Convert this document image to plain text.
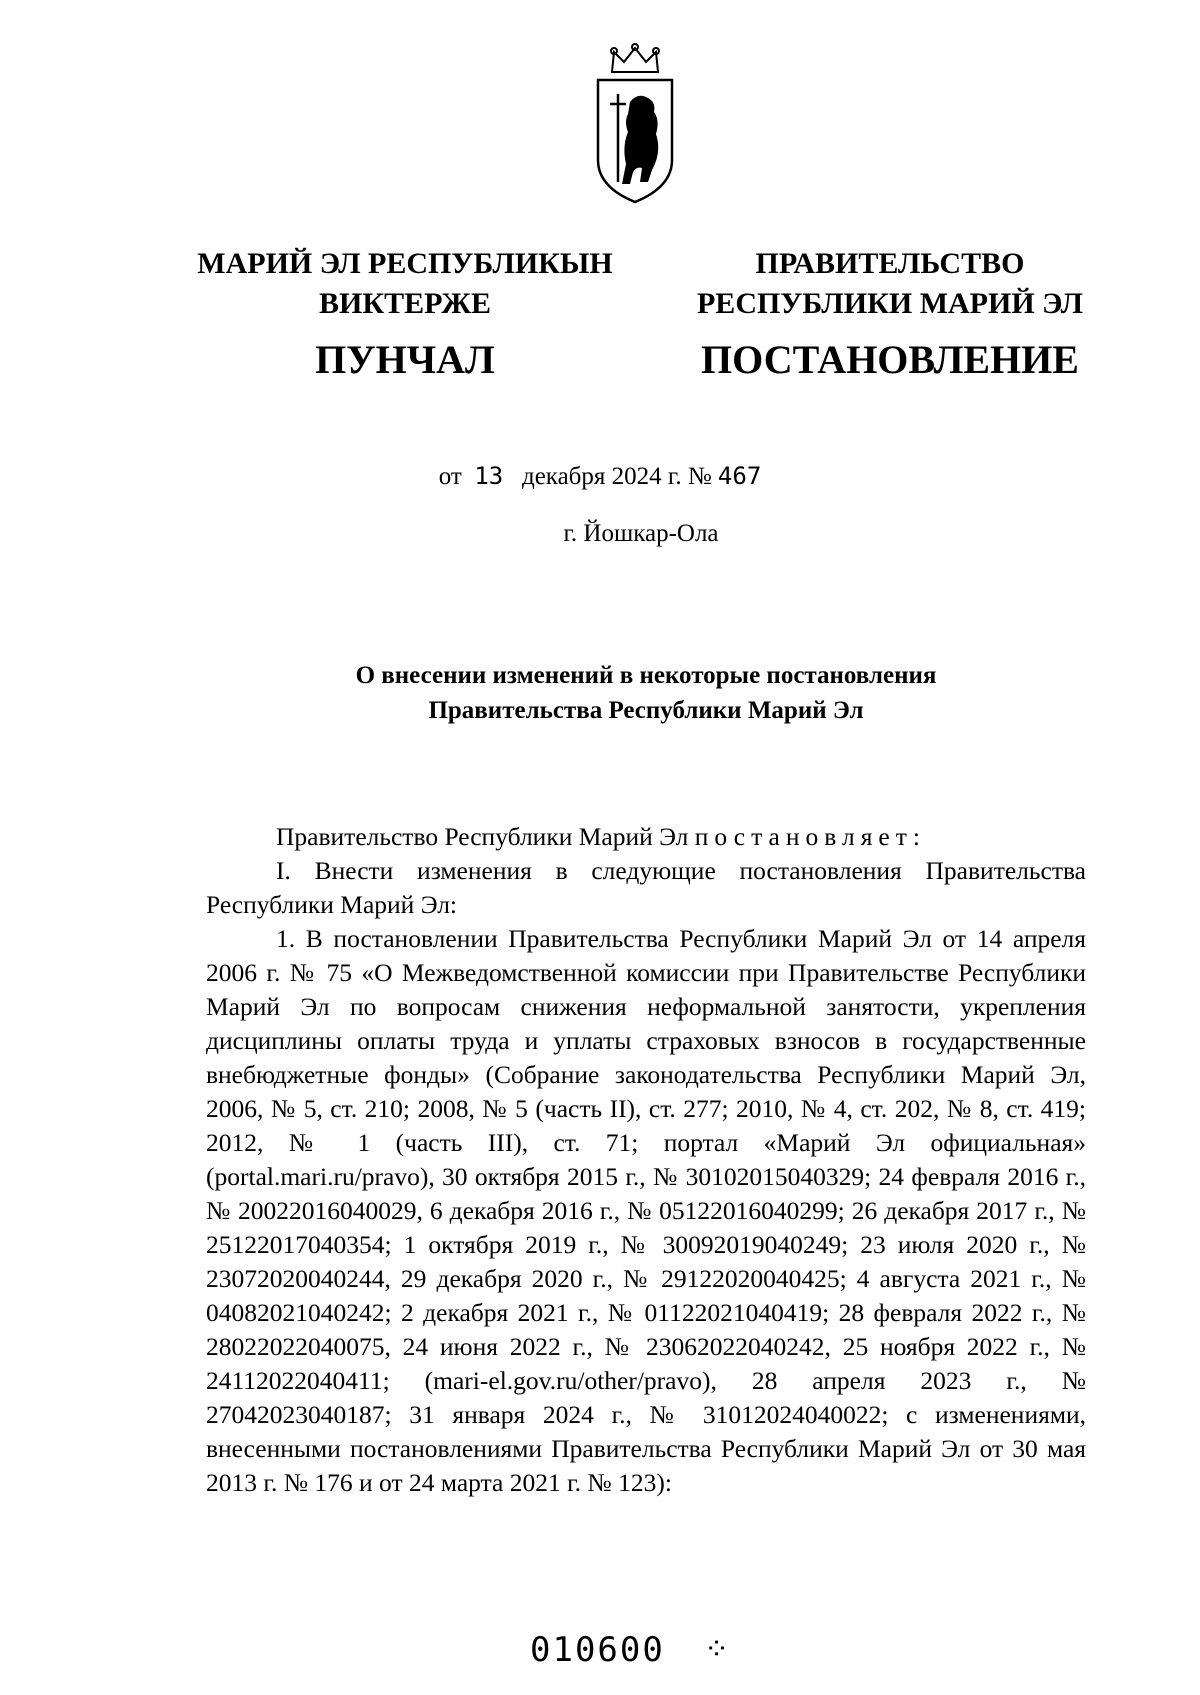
МАРИЙ ЭЛ РЕСПУБЛИКЫН
ВИКТЕРЖЕ
ПУНЧАЛ
ПРАВИТЕЛЬСТВО
РЕСПУБЛИКИ МАРИЙ ЭЛ
ПОСТАНОВЛЕНИЕ
от 13 декабря 2024 г. № 467
г. Йошкар-Ола
О внесении изменений в некоторые постановления
Правительства Республики Марий Эл

Правительство Республики Марий Эл постановляет:

I. Внести изменения в следующие постановления Правительства Республики Марий Эл:

1. В постановлении Правительства Республики Марий Эл от 14 апреля 2006 г. № 75 «О Межведомственной комиссии при Правительстве Республики Марий Эл по вопросам снижения неформальной занятости, укрепления дисциплины оплаты труда и уплаты страховых взносов в государственные внебюджетные фонды» (Собрание законодательства Республики Марий Эл, 2006, № 5, ст. 210; 2008, № 5 (часть II), ст. 277; 2010, № 4, ст. 202, № 8, ст. 419; 2012, № 1 (часть III), ст. 71; портал «Марий Эл официальная» (portal.mari.ru/pravo), 30 октября 2015 г., № 30102015040329; 24 февраля 2016 г., № 20022016040029, 6 декабря 2016 г., № 05122016040299; 26 декабря 2017 г., № 25122017040354; 1 октября 2019 г., № 30092019040249; 23 июля 2020 г., № 23072020040244, 29 декабря 2020 г., № 29122020040425; 4 августа 2021 г., № 04082021040242; 2 декабря 2021 г., № 01122021040419; 28 февраля 2022 г., № 28022022040075, 24 июня 2022 г., № 23062022040242, 25 ноября 2022 г., № 24112022040411; (mari-el.gov.ru/other/pravo), 28 апреля 2023 г., № 27042023040187; 31 января 2024 г., № 31012024040022; с изменениями, внесенными постановлениями Правительства Республики Марий Эл от 30 мая 2013 г. № 176 и от 24 марта 2021 г. № 123):

010600 ⁘
